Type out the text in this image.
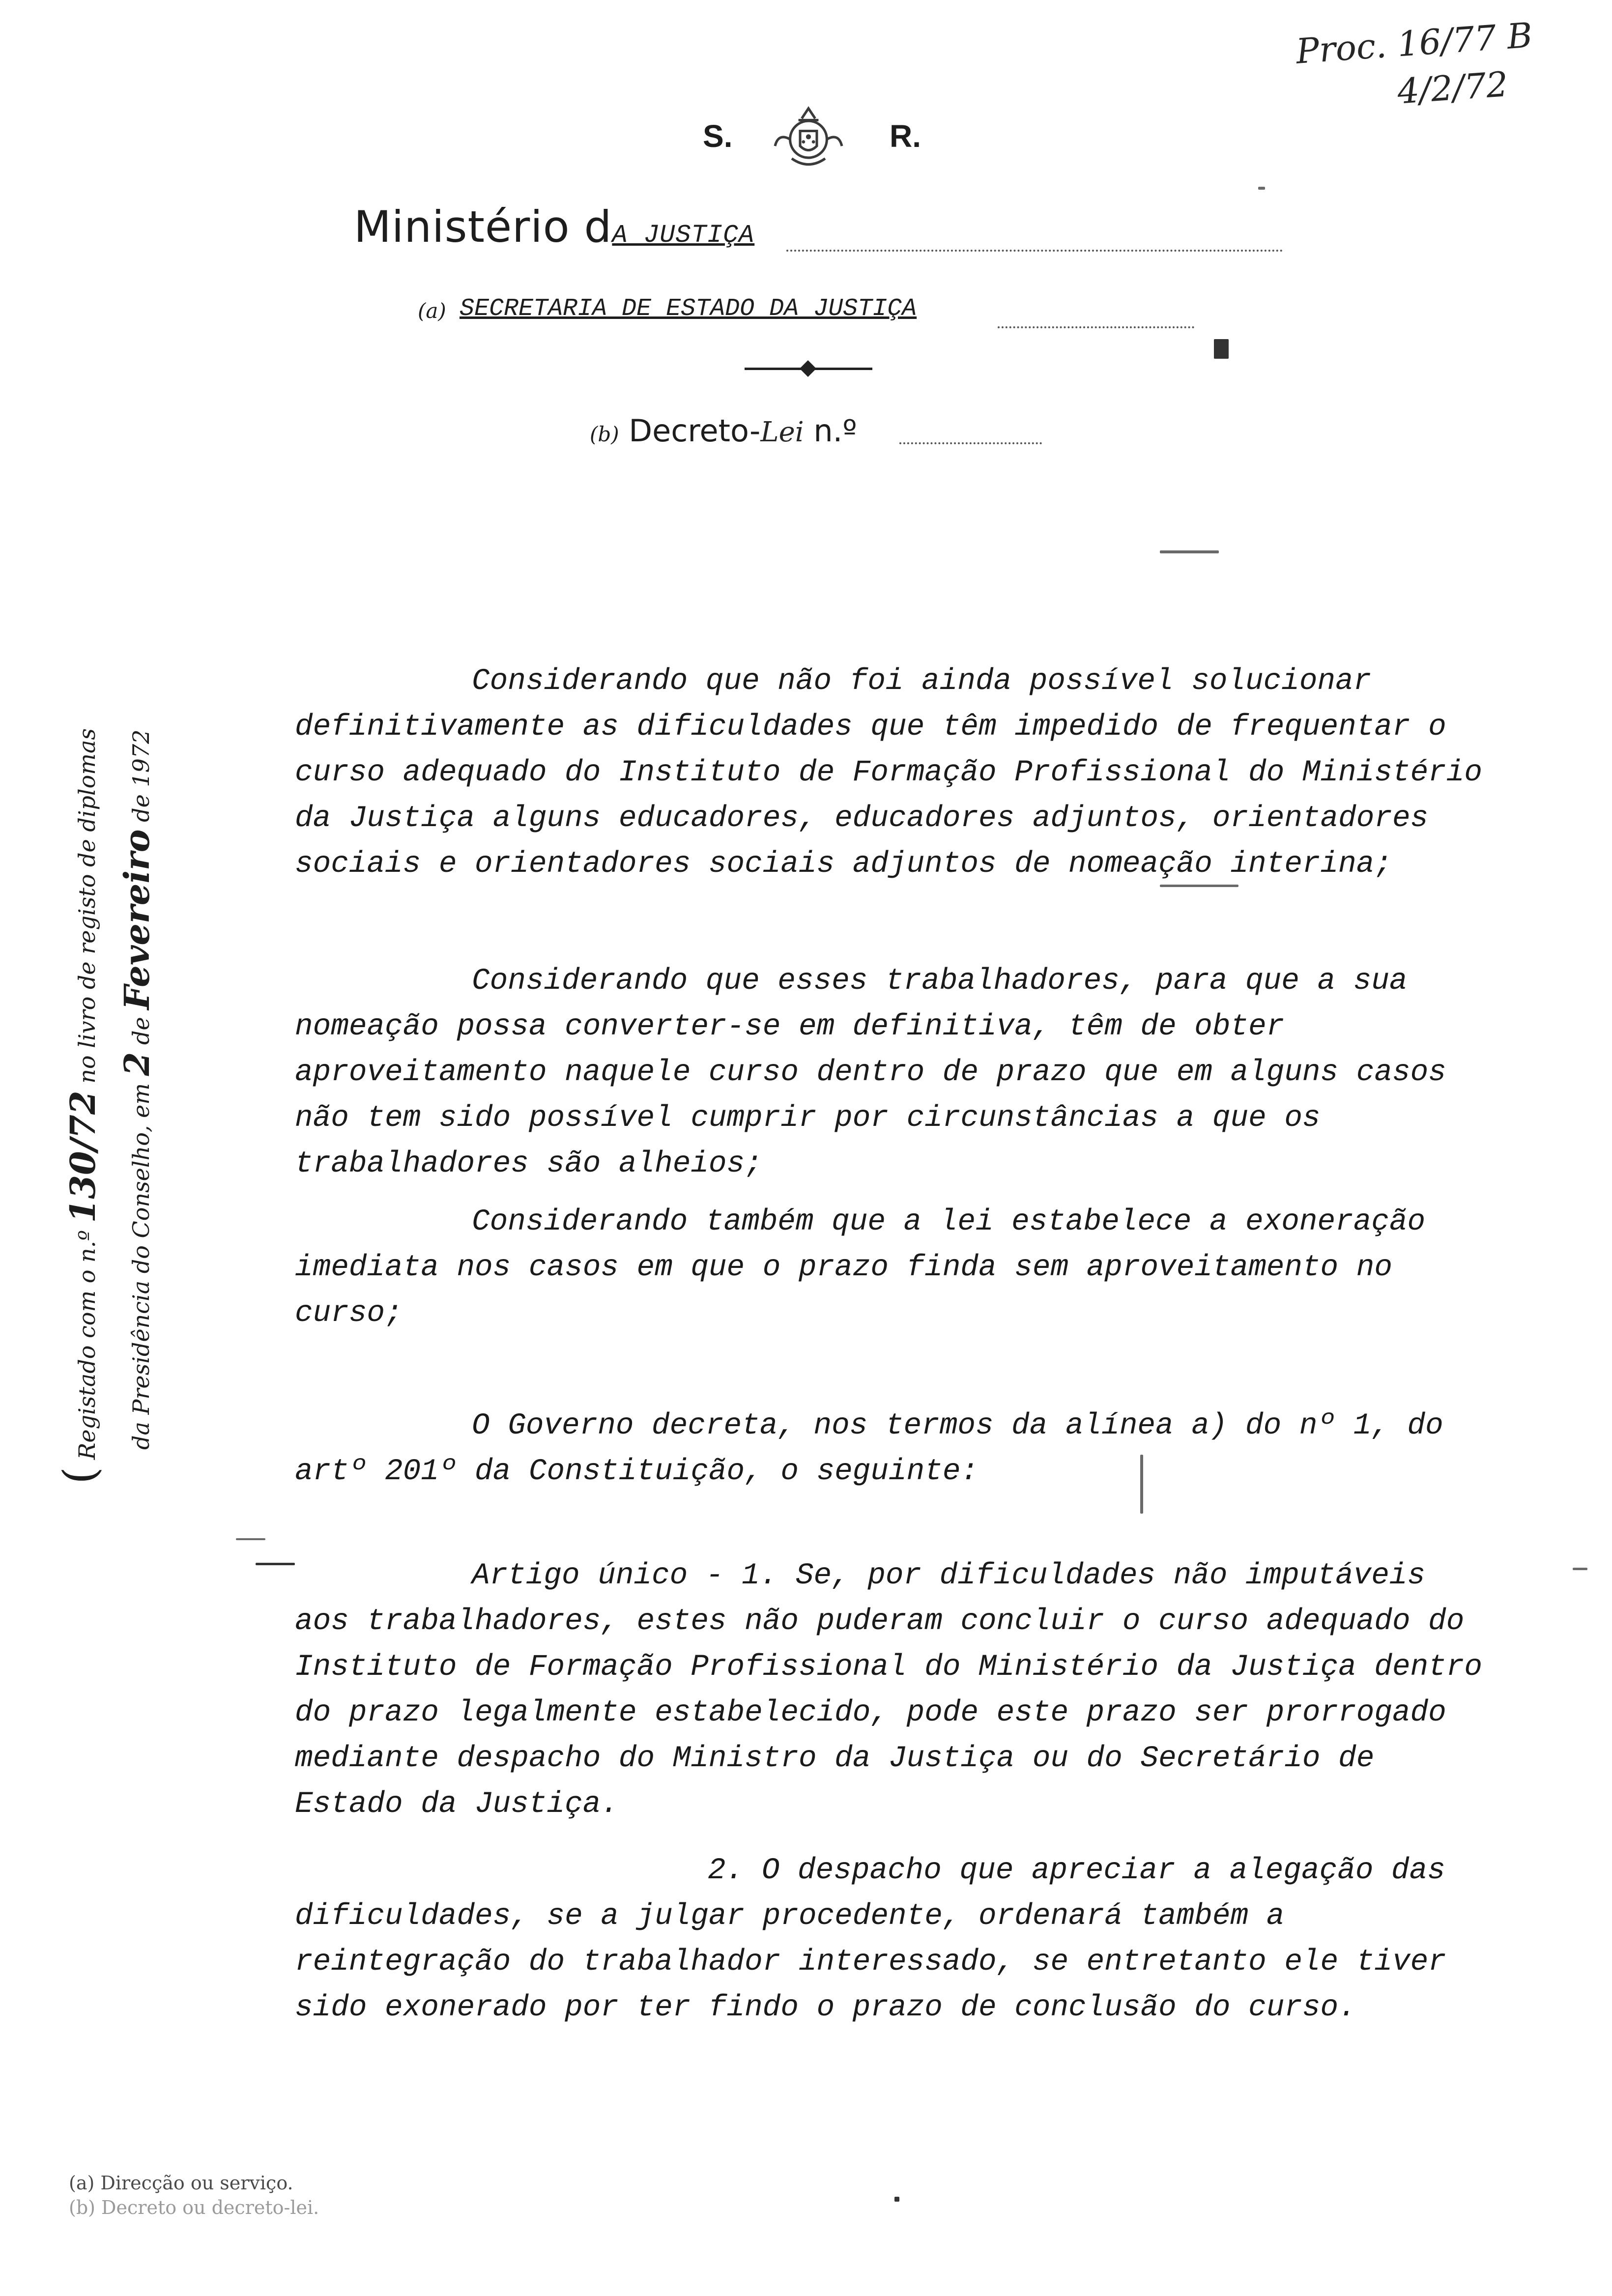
Proc. 16/77 B
4/2/72
S.	R.
Ministério dA JUSTIÇA
(a) SECRETARIA DE ESTADO DA JUSTIÇA
(b) Decreto-Lei n.º
( Registado com o n.º 130/72 no livro de registo de diplomas
da Presidência do Conselho, em 2 de Fevereiro de 1972

Considerando que não foi ainda possível solucionar definitivamente as dificuldades que têm impedido de frequentar o curso adequado do Instituto de Formação Profissional do Ministério da Justiça alguns educadores, educadores adjuntos, orientadores sociais e orientadores sociais adjuntos de nomeação interina;

Considerando que esses trabalhadores, para que a sua nomeação possa converter-se em definitiva, têm de obter aproveitamento naquele curso dentro de prazo que em alguns casos não tem sido possível cumprir por circunstâncias a que os trabalhadores são alheios;

Considerando também que a lei estabelece a exoneração imediata nos casos em que o prazo finda sem aproveitamento no curso;

O Governo decreta, nos termos da alínea a) do nº 1, do artº 201º da Constituição, o seguinte:

Artigo único - 1. Se, por dificuldades não imputáveis aos trabalhadores, estes não puderam concluir o curso adequado do Instituto de Formação Profissional do Ministério da Justiça dentro do prazo legalmente estabelecido, pode este prazo ser prorrogado mediante despacho do Ministro da Justiça ou do Secretário de Estado da Justiça.

2. O despacho que apreciar a alegação das dificuldades, se a julgar procedente, ordenará também a reintegração do trabalhador interessado, se entretanto ele tiver sido exonerado por ter findo o prazo de conclusão do curso.

(a) Direcção ou serviço.
(b) Decreto ou decreto-lei.
